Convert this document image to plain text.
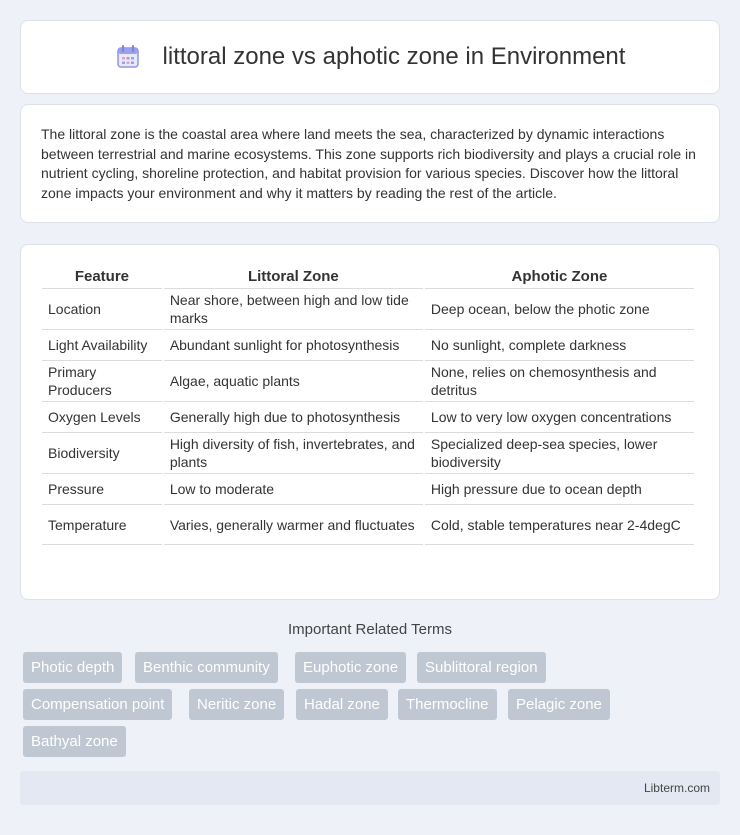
littoral zone vs aphotic zone in Environment

The littoral zone is the coastal area where land meets the sea, characterized by dynamic interactions between terrestrial and marine ecosystems. This zone supports rich biodiversity and plays a crucial role in nutrient cycling, shoreline protection, and habitat provision for various species. Discover how the littoral zone impacts your environment and why it matters by reading the rest of the article.

Feature	Littoral Zone	Aphotic Zone
Location	Near shore, between high and low tide marks	Deep ocean, below the photic zone
Light Availability	Abundant sunlight for photosynthesis	No sunlight, complete darkness
Primary Producers	Algae, aquatic plants	None, relies on chemosynthesis and detritus
Oxygen Levels	Generally high due to photosynthesis	Low to very low oxygen concentrations
Biodiversity	High diversity of fish, invertebrates, and plants	Specialized deep-sea species, lower biodiversity
Pressure	Low to moderate	High pressure due to ocean depth
Temperature	Varies, generally warmer and fluctuates	Cold, stable temperatures near 2-4degC
Important Related Terms
Photic depth	Benthic community	Euphotic zone	Sublittoral region
Compensation point	Neritic zone	Hadal zone	Thermocline	Pelagic zone
Bathyal zone
Libterm.com
